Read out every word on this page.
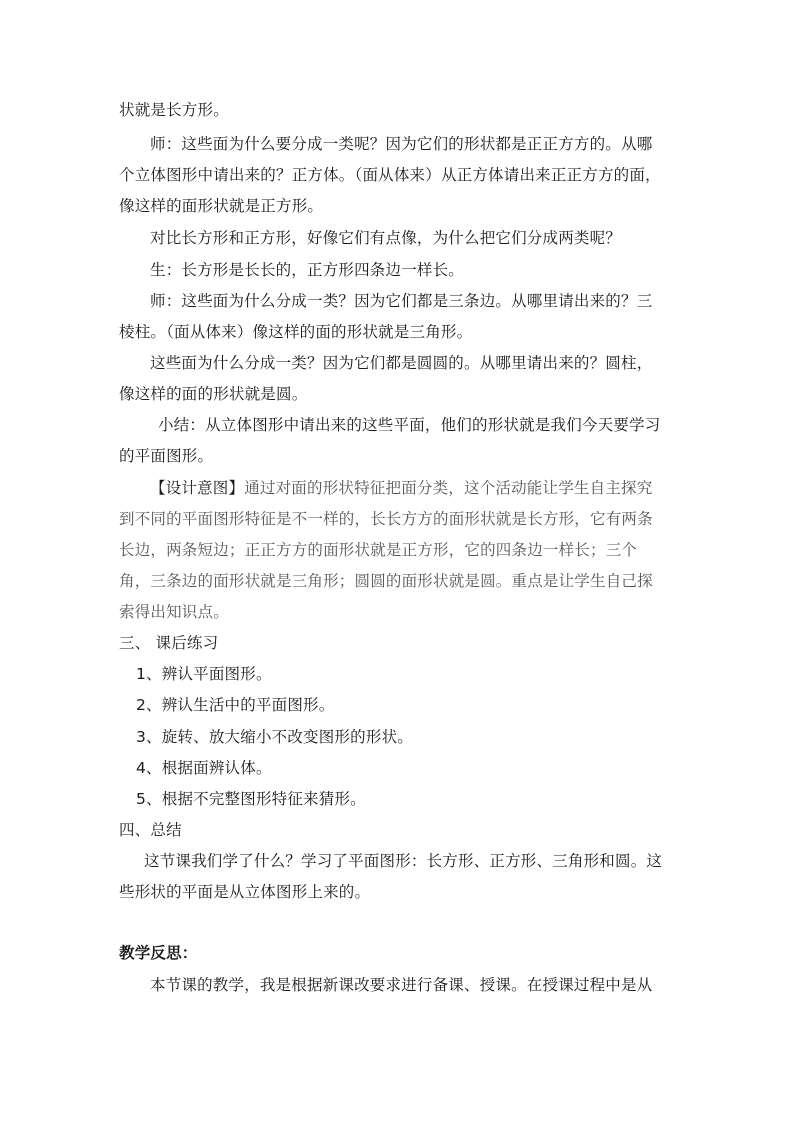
状就是长方形。
师：这些面为什么要分成一类呢？因为它们的形状都是正正方方的。从哪
个立体图形中请出来的？正方体。（面从体来）从正方体请出来正正方方的面，
像这样的面形状就是正方形。
对比长方形和正方形，好像它们有点像，为什么把它们分成两类呢？
生：长方形是长长的，正方形四条边一样长。
师：这些面为什么分成一类？因为它们都是三条边。从哪里请出来的？三
棱柱。（面从体来）像这样的面的形状就是三角形。
这些面为什么分成一类？因为它们都是圆圆的。从哪里请出来的？圆柱，
像这样的面的形状就是圆。
小结：从立体图形中请出来的这些平面，他们的形状就是我们今天要学习
的平面图形。
【设计意图】通过对面的形状特征把面分类，这个活动能让学生自主探究
到不同的平面图形特征是不一样的，长长方方的面形状就是长方形，它有两条
长边，两条短边；正正方方的面形状就是正方形，它的四条边一样长；三个
角，三条边的面形状就是三角形；圆圆的面形状就是圆。重点是让学生自己探
索得出知识点。
三、 课后练习
1、辨认平面图形。
2、辨认生活中的平面图形。
3、旋转、放大缩小不改变图形的形状。
4、根据面辨认体。
5、根据不完整图形特征来猜形。
四、总结
这节课我们学了什么？学习了平面图形：长方形、正方形、三角形和圆。这
些形状的平面是从立体图形上来的。
教学反思：
本节课的教学，我是根据新课改要求进行备课、授课。在授课过程中是从
